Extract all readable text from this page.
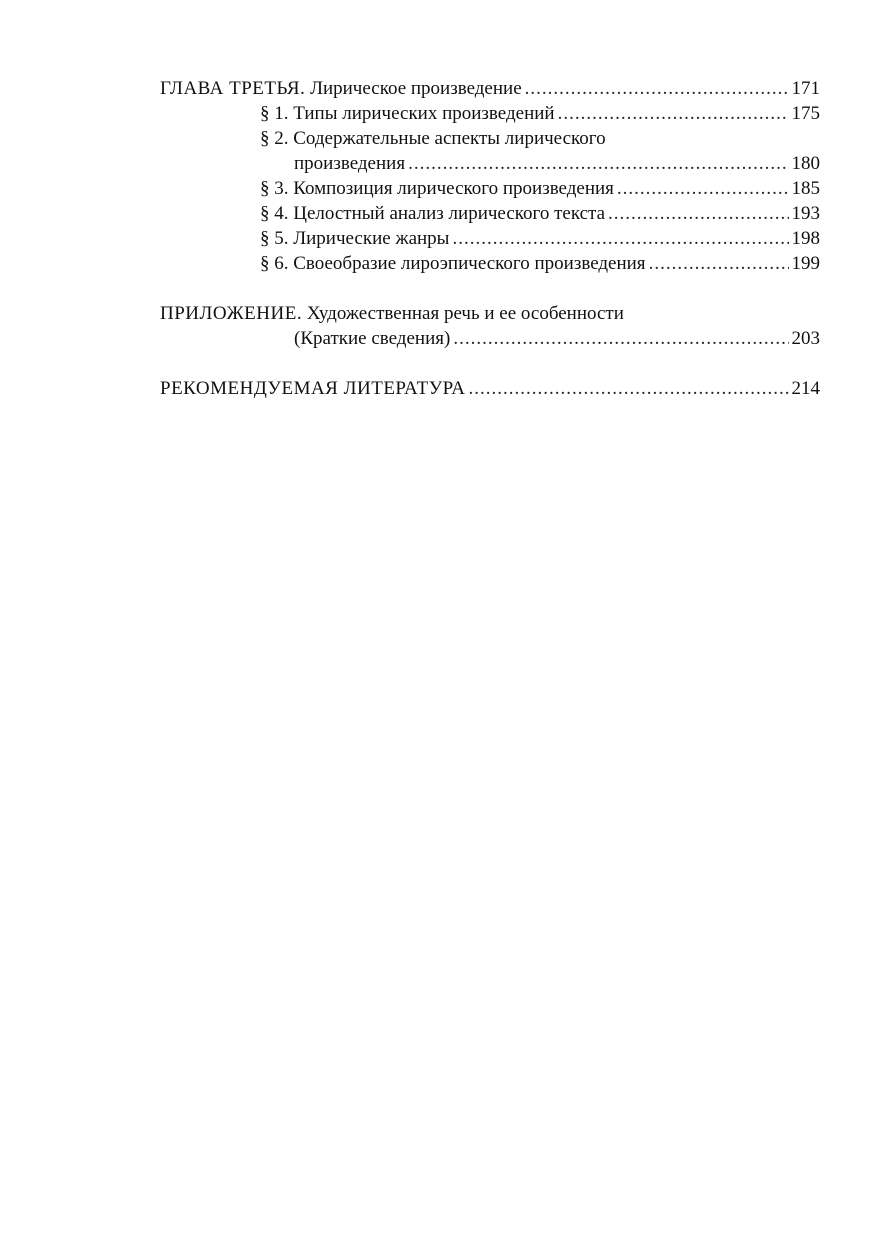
ГЛАВА ТРЕТЬЯ. Лирическое произведение .....	171
§ 1. Типы лирических произведений .....	175
§ 2. Содержательные аспекты лирического
произведения .....	180
§ 3. Композиция лирического произведения .....	185
§ 4. Целостный анализ лирического текста .....	193
§ 5. Лирические жанры .....	198
§ 6. Своеобразие лироэпического произведения .....	199
ПРИЛОЖЕНИЕ. Художественная речь и ее особенности
(Краткие сведения) .....	203
РЕКОМЕНДУЕМАЯ ЛИТЕРАТУРА .....	214
